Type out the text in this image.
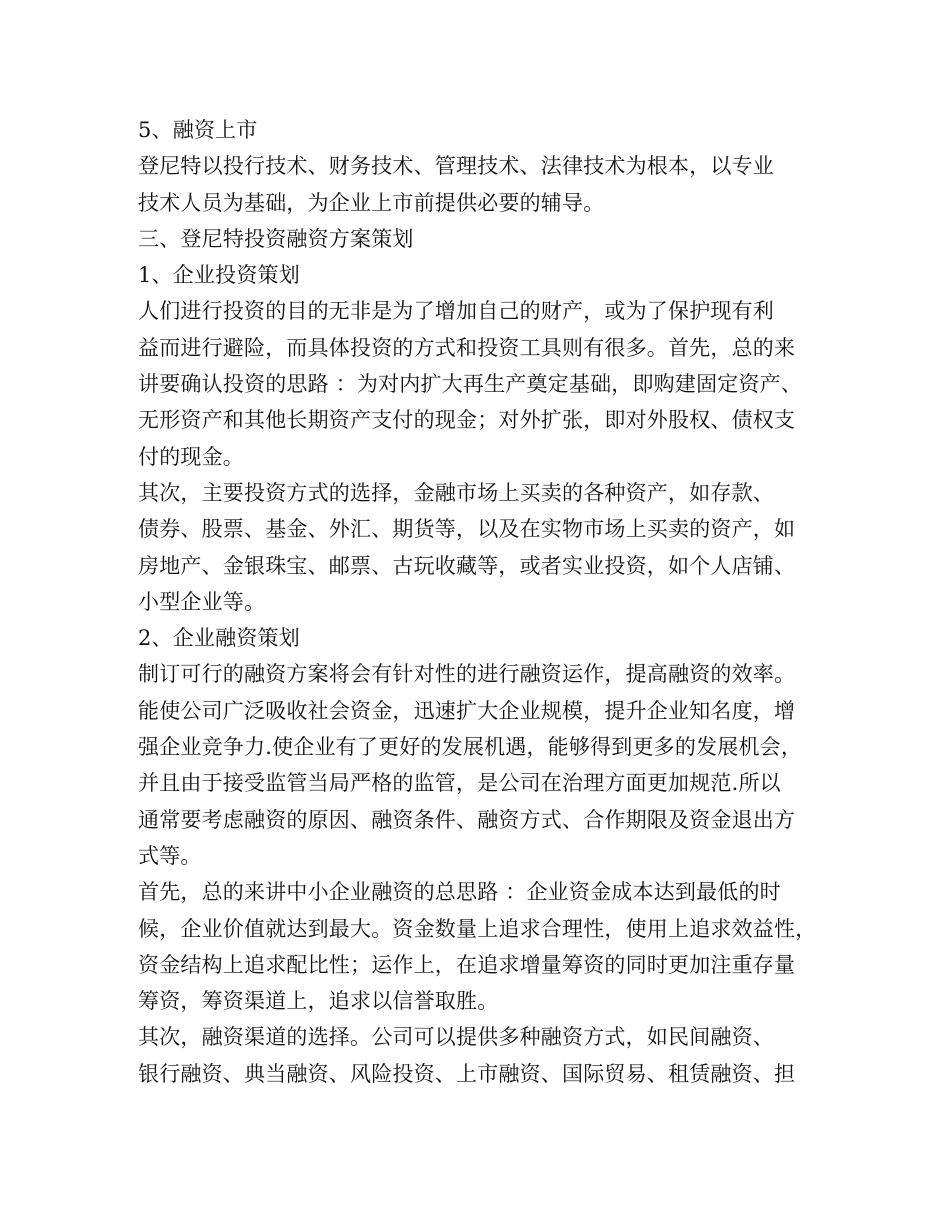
5、融资上市
登尼特以投行技术、财务技术、管理技术、法律技术为根本，以专业
技术人员为基础，为企业上市前提供必要的辅导。
三、登尼特投资融资方案策划
1、企业投资策划
人们进行投资的目的无非是为了增加自己的财产，或为了保护现有利
益而进行避险，而具体投资的方式和投资工具则有很多。首先，总的来
讲要确认投资的思路 ：为对内扩大再生产奠定基础，即购建固定资产、
无形资产和其他长期资产支付的现金；对外扩张，即对外股权、债权支
付的现金。
其次，主要投资方式的选择，金融市场上买卖的各种资产，如存款、
债券、股票、基金、外汇、期货等，以及在实物市场上买卖的资产，如
房地产、金银珠宝、邮票、古玩收藏等，或者实业投资，如个人店铺、
小型企业等。
2、企业融资策划
制订可行的融资方案将会有针对性的进行融资运作，提高融资的效率。
能使公司广泛吸收社会资金，迅速扩大企业规模，提升企业知名度，增
强企业竞争力.使企业有了更好的发展机遇，能够得到更多的发展机会，
并且由于接受监管当局严格的监管，是公司在治理方面更加规范.所以
通常要考虑融资的原因、融资条件、融资方式、合作期限及资金退出方
式等。
首先，总的来讲中小企业融资的总思路 ：企业资金成本达到最低的时
候，企业价值就达到最大。资金数量上追求合理性，使用上追求效益性，
资金结构上追求配比性；运作上，在追求增量筹资的同时更加注重存量
筹资，筹资渠道上，追求以信誉取胜。
其次，融资渠道的选择。公司可以提供多种融资方式，如民间融资、
银行融资、典当融资、风险投资、上市融资、国际贸易、租赁融资、担
